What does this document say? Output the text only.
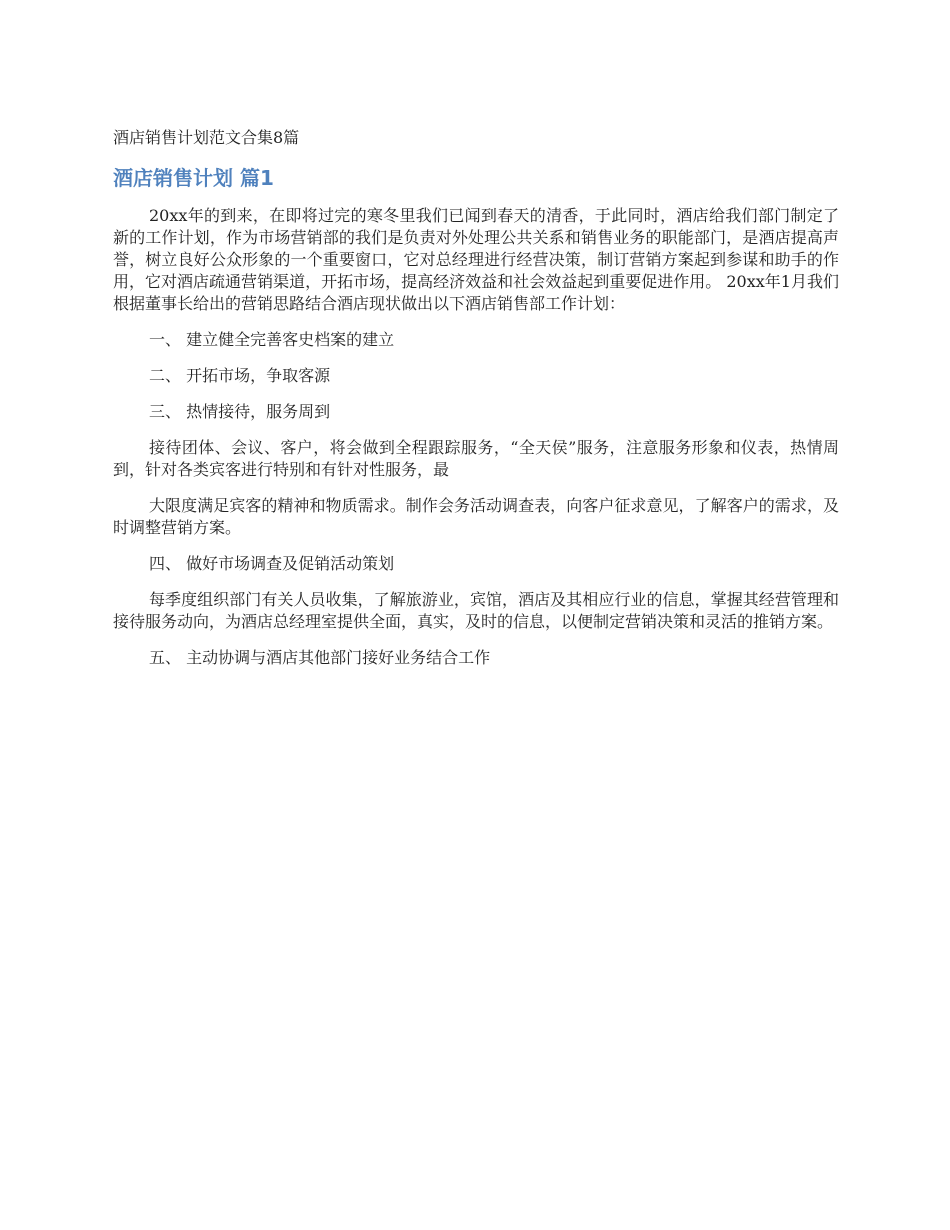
酒店销售计划范文合集8篇
酒店销售计划 篇1

20xx年的到来，在即将过完的寒冬里我们已闻到春天的清香，于此同时，酒店给我们部门制定了新的工作计划，作为市场营销部的我们是负责对外处理公共关系和销售业务的职能部门，是酒店提高声誉，树立良好公众形象的一个重要窗口，它对总经理进行经营决策，制订营销方案起到参谋和助手的作用，它对酒店疏通营销渠道，开拓市场，提高经济效益和社会效益起到重要促进作用。 20xx年1月我们根据董事长给出的营销思路结合酒店现状做出以下酒店销售部工作计划：

一、 建立健全完善客史档案的建立

二、 开拓市场，争取客源

三、 热情接待，服务周到

接待团体、会议、客户，将会做到全程跟踪服务，“全天侯”服务，注意服务形象和仪表，热情周到，针对各类宾客进行特别和有针对性服务，最

大限度满足宾客的精神和物质需求。制作会务活动调查表，向客户征求意见，了解客户的需求，及时调整营销方案。

四、 做好市场调查及促销活动策划

每季度组织部门有关人员收集，了解旅游业，宾馆，酒店及其相应行业的信息，掌握其经营管理和接待服务动向，为酒店总经理室提供全面，真实，及时的信息，以便制定营销决策和灵活的推销方案。

五、 主动协调与酒店其他部门接好业务结合工作
